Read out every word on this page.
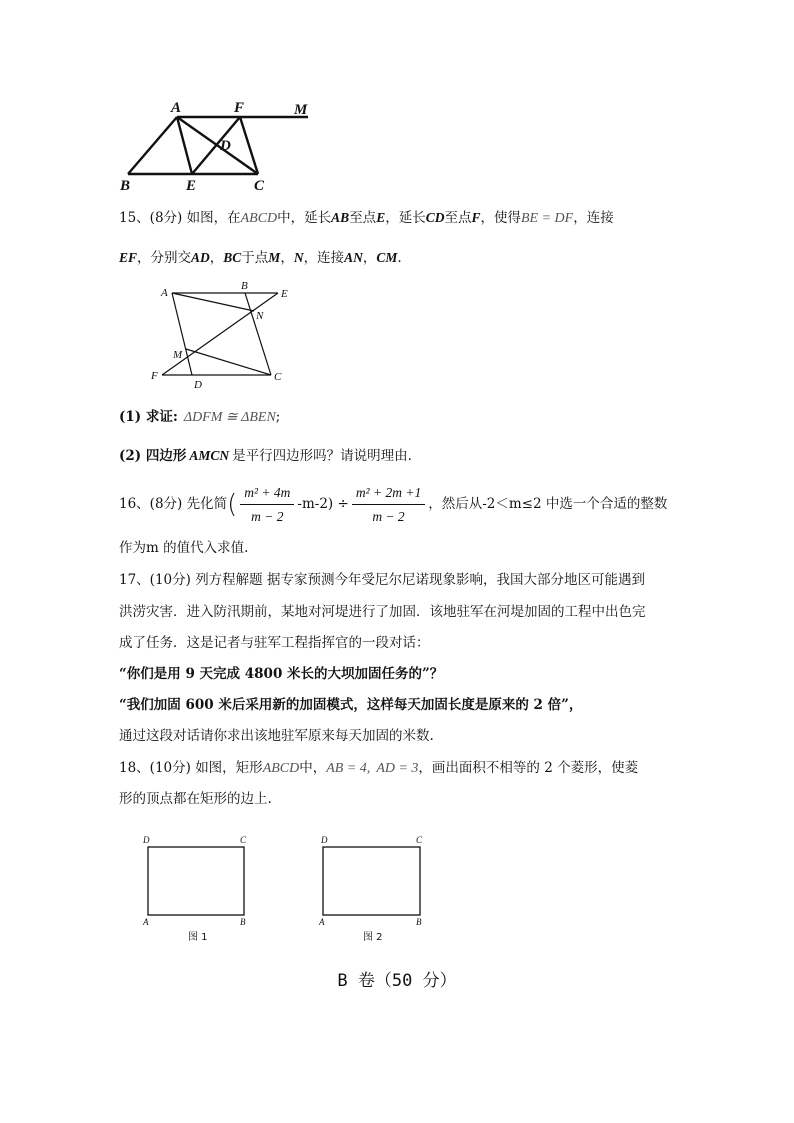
A	F	M
D
B	E	C
15、(8分) 如图，在ABCD中，延长AB至点E，延长CD至点F，使得BE = DF，连接
EF，分别交AD，BC于点M，N，连接AN，CM.
A
B
E
N
M
F
D
C
(1) 求证: ΔDFM ≅ ΔBEN;
(2) 四边形 AMCN 是平行四边形吗？请说明理由.
16、(8分) 先化简( $\frac{\text{m² + 4m}}{m - 2} -m-2) \div \frac{\text{m² + 2m +1}}{m - 2}$ ，然后从-2＜m≤2 中选一个合适的整数
作为m 的值代入求值.
17、(10分) 列方程解题 据专家预测今年受尼尔尼诺现象影响，我国大部分地区可能遇到
洪涝灾害．进入防汛期前，某地对河堤进行了加固．该地驻军在河堤加固的工程中出色完
成了任务．这是记者与驻军工程指挥官的一段对话：
“你们是用 9 天完成 4800 米长的大坝加固任务的”？
“我们加固 600 米后采用新的加固模式，这样每天加固长度是原来的 2 倍”，
通过这段对话请你求出该地驻军原来每天加固的米数.
18、(10分) 如图，矩形ABCD中，AB = 4, AD = 3，画出面积不相等的 2 个菱形，使菱
形的顶点都在矩形的边上.
D	C
A	B
图 1
D	C
A	B
图 2
B 卷（50 分）
